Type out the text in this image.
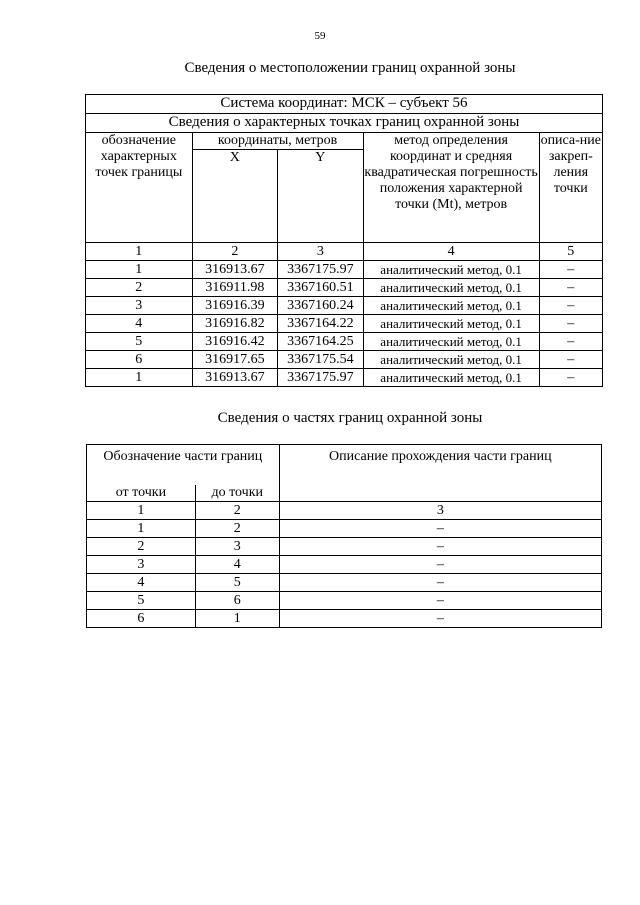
59
Сведения о местоположении границ охранной зоны
Система координат: МСК – субъект 56				
Сведения о характерных точках границ охранной зоны				
обозначение характерных точек границы	координаты, метров		метод определения координат и средняя квадратическая погрешность положения характерной точки (Mt), метров	описа-ние закреп-ления точки
	X	Y		
1	2	3	4	5
1	316913.67	3367175.97	аналитический метод, 0.1	–
2	316911.98	3367160.51	аналитический метод, 0.1	–
3	316916.39	3367160.24	аналитический метод, 0.1	–
4	316916.82	3367164.22	аналитический метод, 0.1	–
5	316916.42	3367164.25	аналитический метод, 0.1	–
6	316917.65	3367175.54	аналитический метод, 0.1	–
1	316913.67	3367175.97	аналитический метод, 0.1	–
Сведения о частях границ охранной зоны
Обозначение части границ		Описание прохождения части границ
от точки	до точки	
1	2	3
1	2	–
2	3	–
3	4	–
4	5	–
5	6	–
6	1	–
